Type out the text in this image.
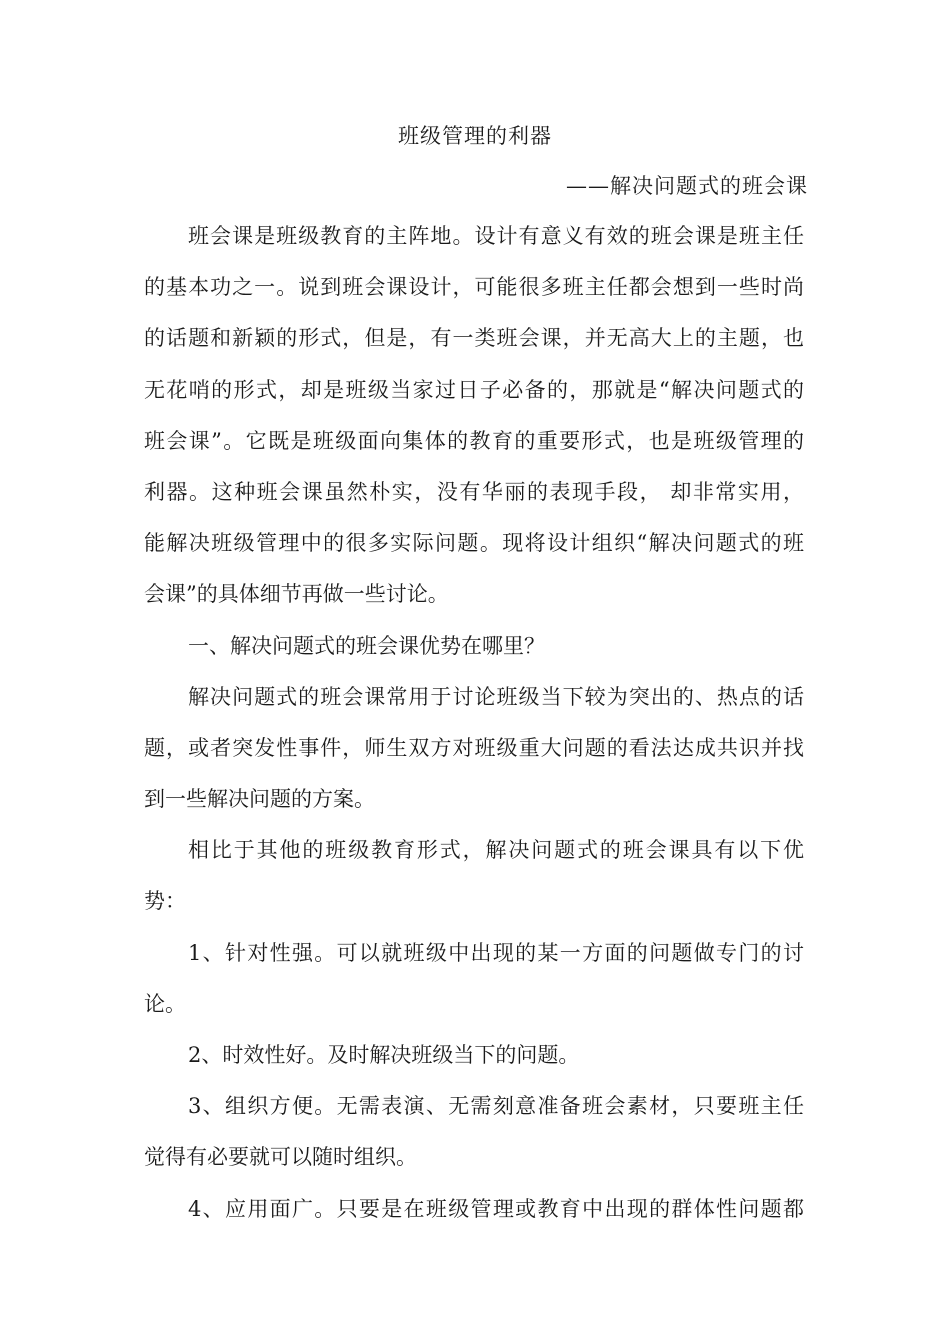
班级管理的利器
——解决问题式的班会课
班会课是班级教育的主阵地。设计有意义有效的班会课是班主任
的基本功之一。说到班会课设计，可能很多班主任都会想到一些时尚
的话题和新颖的形式，但是，有一类班会课，并无高大上的主题，也
无花哨的形式，却是班级当家过日子必备的，那就是“解决问题式的
班会课”。它既是班级面向集体的教育的重要形式，也是班级管理的
利器。这种班会课虽然朴实，没有华丽的表现手段， 却非常实用，
能解决班级管理中的很多实际问题。现将设计组织“解决问题式的班
会课”的具体细节再做一些讨论。
一、解决问题式的班会课优势在哪里？
解决问题式的班会课常用于讨论班级当下较为突出的、热点的话
题，或者突发性事件，师生双方对班级重大问题的看法达成共识并找
到一些解决问题的方案。
相比于其他的班级教育形式，解决问题式的班会课具有以下优
势：
1、针对性强。可以就班级中出现的某一方面的问题做专门的讨
论。
2、时效性好。及时解决班级当下的问题。
3、组织方便。无需表演、无需刻意准备班会素材，只要班主任
觉得有必要就可以随时组织。
4、应用面广。只要是在班级管理或教育中出现的群体性问题都
